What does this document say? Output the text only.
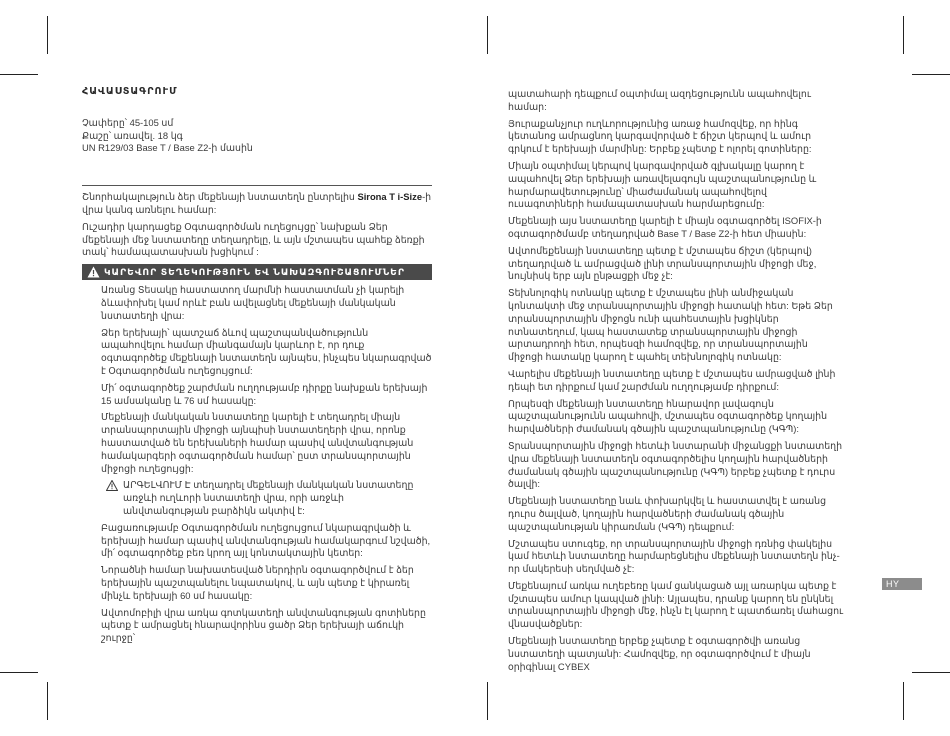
ՀԱՎԱՍՏԱԳՐՈՒՄ

Չափերը՝ 45-105 սմ

Քաշը՝ առավել. 18 կգ

UN R129/03 Base T / Base Z2-ի մասին

Շնորհակալություն ձեր մեքենայի նստատեղն ընտրելիս Sirona T i-Size-ի վրա կանգ առնելու համար:

Ուշադիր կարդացեք Օգտագործման ուղեցույցը՝ նախքան Ձեր մեքենայի մեջ նստատեղը տեղադրելը, և այն մշտապես պահեք ձեռքի տակ՝ համապատասխան խցիկում :

ԿԱՐԵՎՈՐ ՏԵՂԵԿՈՒԹՅՈՒՆ ԵՎ ՆԱԽԱԶԳՈՒՇԱՑՈՒՄՆԵՐ

Առանց Տեսակը հաստատող մարմնի հաստատման չի կարելի ձևափոխել կամ որևէ բան ավելացնել մեքենայի մանկական նստատեղի վրա:

Ձեր երեխայի՝ պատշաճ ձևով պաշտպանվածությունն ապահովելու համար միանգամայն կարևոր է, որ դուք օգտագործեք մեքենայի նստատեղն այնպես, ինչպես նկարագրված է Օգտագործման ուղեցույցում:

Մի՛ օգտագործեք շարժման ուղղությամբ դիրքը նախքան երեխայի 15 ամսականը և 76 սմ հասակը:

Մեքենայի մանկական նստատեղը կարելի է տեղադրել միայն տրանսպորտային միջոցի այնպիսի նստատեղերի վրա, որոնք հաստատված են երեխաների համար պասիվ անվտանգության համակարգերի օգտագործման համար՝ ըստ տրանսպորտային միջոցի ուղեցույցի:

ԱՐԳԵԼՎՈՒՄ Է տեղադրել մեքենայի մանկական նստատեղը առջևի ուղևորի նստատեղի վրա, որի առջևի անվտանգության բարձիկն ակտիվ է:

Բացառությամբ Օգտագործման ուղեցույցում նկարագրվածի և երեխայի համար պասիվ անվտանգության համակարգում նշվածի, մի՛ օգտագործեք բեռ կրող այլ կոնտակտային կետեր:

Նորածնի համար նախատեսված ներդիրն օգտագործվում է ձեր երեխային պաշտպանելու նպատակով, և այն պետք է կիրառել մինչև երեխայի 60 սմ հասակը:

Ավտոմոբիլի վրա առկա գոտկատեղի անվտանգության գոտիները պետք է ամրացնել հնարավորինս ցածր Ձեր երեխայի աճուկի շուրջը՝

պատահարի դեպքում օպտիմալ ազդեցությունն ապահովելու համար:

Յուրաքանչյուր ուղևորությունից առաջ համոզվեք, որ հինգ կետանոց ամրացնող կարգավորված է ճիշտ կերպով և ամուր գրկում է երեխայի մարմինը: Երբեք չպետք է ոլորել գոտիները:

Միայն օպտիմալ կերպով կարգավորված գլխակալը կարող է ապահովել Ձեր երեխայի առավելագույն պաշտպանությունը և հարմարավետությունը՝ միաժամանակ ապահովելով ուսագոտիների համապատասխան հարմարեցումը:

Մեքենայի այս նստատեղը կարելի է միայն օգտագործել ISOFIX-ի օգտագործմամբ տեղադրված Base T / Base Z2-ի հետ միասին:

Ավտոմեքենայի նստատեղը պետք է մշտապես ճիշտ (կերպով) տեղադրված և ամրացված լինի տրանսպորտային միջոցի մեջ, նույնիսկ երբ այն ընթացքի մեջ չէ:

Տեխնոլոգիկ ոտնակը պետք է մշտապես լինի անմիջական կոնտակտի մեջ տրանսպորտային միջոցի հատակի հետ: Եթե Ձեր տրանսպորտային միջոցն ունի պահեստային խցիկներ ոտնատեղում, կապ հաստատեք տրանսպորտային միջոցի արտադրողի հետ, որպեսզի համոզվեք, որ տրանսպորտային միջոցի հատակը կարող է պահել տեխնոլոգիկ ոտնակը:

Վարելիս մեքենայի նստատեղը պետք է մշտապես ամրացված լինի դեպի ետ դիրքում կամ շարժման ուղղությամբ դիրքում:

Որպեսզի մեքենայի նստատեղը հնարավոր լավագույն պաշտպանությունն ապահովի, մշտապես օգտագործեք կողային հարվածների ժամանակ գծային պաշտպանությունը (ԿԳՊ):

Տրանսպորտային միջոցի հետևի նստարանի միջանցքի նստատեղի վրա մեքենայի նստատեղն օգտագործելիս կողային հարվածների ժամանակ գծային պաշտպանությունը (ԿԳՊ) երբեք չպետք է դուրս ծալվի:

Մեքենայի նստատեղը նաև փոխարկվել և հաստատվել է առանց դուրս ծալված, կողային հարվածների ժամանակ գծային պաշտպանության կիրառման (ԿԳՊ) դեպքում:

Մշտապես ստուգեք, որ տրանսպորտային միջոցի դռնից փակելիս կամ հետևի նստատեղը հարմարեցնելիս մեքենայի նստատեղն ինչ-որ մակերեսի սեղմված չէ:

Մեքենայում առկա ուղեբեռը կամ ցանկացած այլ առարկա պետք է մշտապես ամուր կապված լինի: Այլապես, դրանք կարող են ընկնել տրանսպորտային միջոցի մեջ, ինչն էլ կարող է պատճառել մահացու վնասվածքներ:

Մեքենայի նստատեղը երբեք չպետք է օգտագործվի առանց նստատեղի պատյանի: Համոզվեք, որ օգտագործվում է միայն օրիգինալ CYBEX

HY
